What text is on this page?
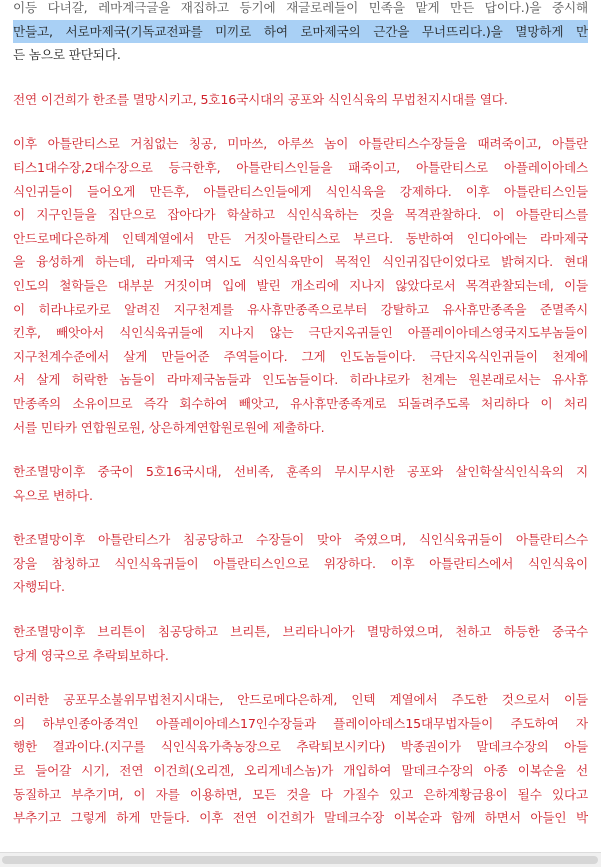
이등 다녀갈, 레마계극글을 재집하고 등기에 재글로레들이 민족을 맡게 만든 답이다.)을 중시해
만들고, 서로마제국(기독교전파를 미끼로 하여 로마제국의 근간을 무너뜨리다.)을 멸망하게 만
든 놈으로 판단되다.
전연 이건희가 한조를 멸망시키고, 5호16국시대의 공포와 식인식육의 무법천지시대를 열다.
이후 아틀란티스로 거침없는 칭공, 미마쓰, 아루쓰 놈이 아틀란티스수장들을 때려죽이고, 아틀란
티스1대수장,2대수장으로 등극한후, 아틀란티스인들을 패죽이고, 아틀란티스로 아플레이아데스
식인귀들이 들어오게 만든후, 아틀란티스인들에게 식인식육을 강제하다. 이후 아틀란티스인들
이 지구인들을 집단으로 잡아다가 학살하고 식인식육하는 것을 목격관찰하다. 이 아틀란티스를
안드로메다은하계 인텍계열에서 만든 거짓아틀란티스로 부르다. 동반하여 인디아에는 라마제국
을 융성하게 하는데, 라마제국 역시도 식인식육만이 목적인 식인귀집단이었다로 밝혀지다. 현대
인도의 철학들은 대부분 거짓이며 입에 발린 개소리에 지나지 않았다로서 목격관찰되는데, 이들
이 히라냐로카로 알려진 지구천계를 유사휴만종족으로부터 강탈하고 유사휴만종족을 준멸족시
킨후, 빼앗아서 식인식육귀들에 지나지 않는 극단지옥귀들인 아플레이아데스영국지도부놈들이
지구천계수준에서 살게 만들어준 주역들이다. 그게 인도놈들이다. 극단지옥식인귀들이 천계에
서 살게 허락한 놈들이 라마제국놈들과 인도놈들이다. 히라냐로카 천계는 원본래로서는 유사휴
만종족의 소유이므로 즉각 회수하여 빼앗고, 유사휴만종족계로 되돌려주도록 처리하다 이 처리
서를 민타카 연합원로원, 상은하계연합원로원에 제출하다.
한조멸망이후 중국이 5호16국시대, 선비족, 훈족의 무시무시한 공포와 살인학살식인식육의 지
옥으로 변하다.
한조멸망이후 아틀란티스가 침공당하고 수장들이 맞아 죽였으며, 식인식육귀들이 아틀란티스수
장을 참칭하고 식인식육귀들이 아틀란티스인으로 위장하다. 이후 아틀란티스에서 식인식육이
자행되다.
한조멸망이후 브리튼이 침공당하고 브리튼, 브리타니아가 멸망하였으며, 천하고 하등한 중국수
당계 영국으로 추락퇴보하다.
이러한 공포무소불위무법천지시대는, 안드로메다은하계, 인텍 계열에서 주도한 것으로서 이들
의 하부인종아종격인 아플레이아데스17인수장들과 플레이아데스15대무법자들이 주도하여 자
행한 결과이다.(지구를 식인식육가축농장으로 추락퇴보시키다) 박종권이가 말데크수장의 아들
로 들어갈 시기, 전연 이건희(오리겐, 오리게네스놈)가 개입하여 말데크수장의 아종 이복순을 선
동질하고 부추기며, 이 자를 이용하면, 모든 것을 다 가질수 있고 은하계황금용이 될수 있다고
부추기고 그렇게 하게 만들다. 이후 전연 이건희가 말데크수장 이복순과 함께 하면서 아들인 박
